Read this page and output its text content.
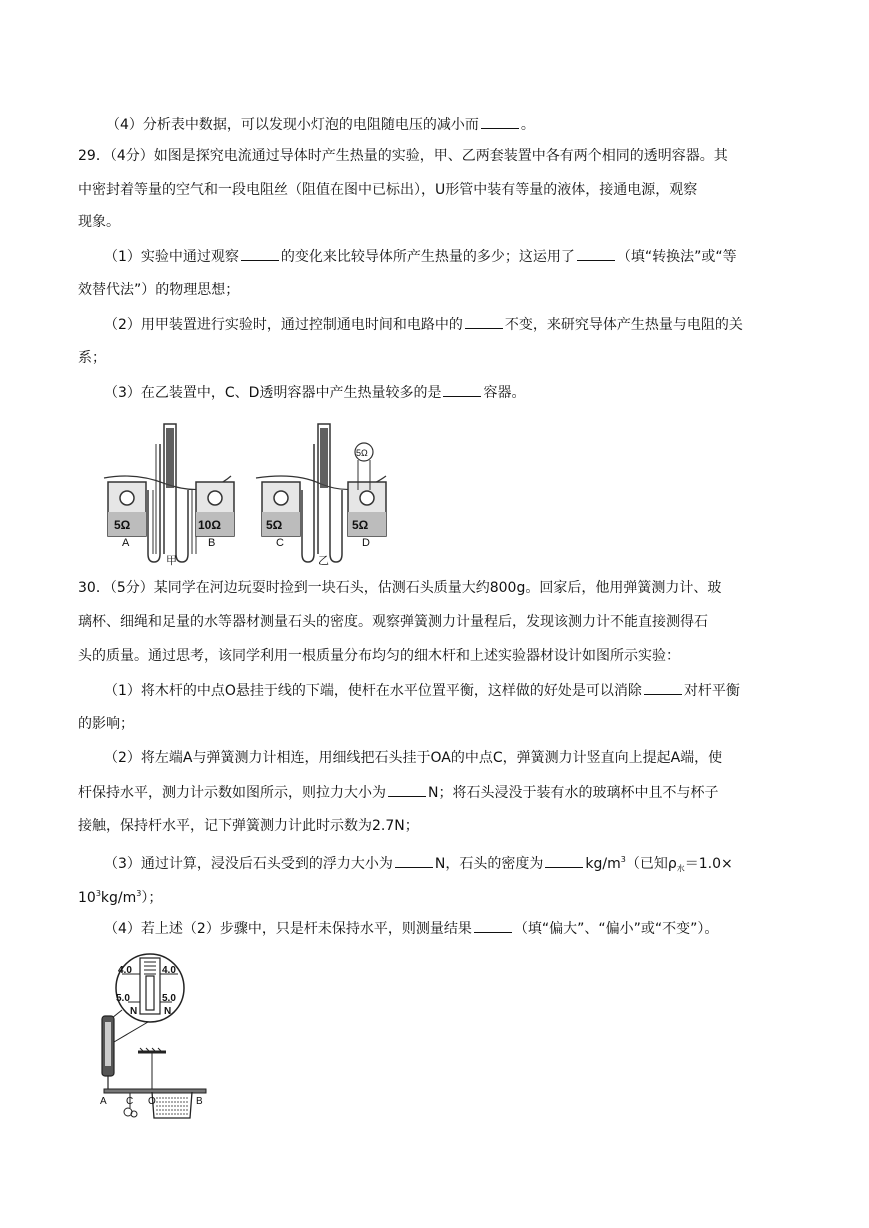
（4）分析表中数据，可以发现小灯泡的电阻随电压的减小而	。
29．（4分）如图是探究电流通过导体时产生热量的实验，甲、乙两套装置中各有两个相同的透明容器。其
中密封着等量的空气和一段电阻丝（阻值在图中已标出），U形管中装有等量的液体，接通电源，观察
现象。
（1）实验中通过观察	的变化来比较导体所产生热量的多少；这运用了	（填“转换法”或“等
效替代法”）的物理思想；
（2）用甲装置进行实验时，通过控制通电时间和电路中的	不变，来研究导体产生热量与电阻的关
系；
（3）在乙装置中，C、D透明容器中产生热量较多的是	容器。
5Ω	10Ω
A	B
甲
5Ω	5Ω
5Ω
C	D
乙
30．（5分）某同学在河边玩耍时捡到一块石头，估测石头质量大约800g。回家后，他用弹簧测力计、玻
璃杯、细绳和足量的水等器材测量石头的密度。观察弹簧测力计量程后，发现该测力计不能直接测得石
头的质量。通过思考，该同学利用一根质量分布均匀的细木杆和上述实验器材设计如图所示实验：
（1）将木杆的中点O悬挂于线的下端，使杆在水平位置平衡，这样做的好处是可以消除	对杆平衡
的影响；
（2）将左端A与弹簧测力计相连，用细线把石头挂于OA的中点C，弹簧测力计竖直向上提起A端，使
杆保持水平，测力计示数如图所示，则拉力大小为	N；将石头浸没于装有水的玻璃杯中且不与杯子
接触，保持杆水平，记下弹簧测力计此时示数为2.7N；
（3）通过计算，浸没后石头受到的浮力大小为	N，石头的密度为	$kg/m^3$（已知$\rho_水=1.0\times$
$10^3kg/m^3$）；
（4）若上述（2）步骤中，只是杆未保持水平，则测量结果	（填“偏大”、“偏小”或“不变”）。
4.0	4.0
5.0	5.0
N	N
A C O	B
